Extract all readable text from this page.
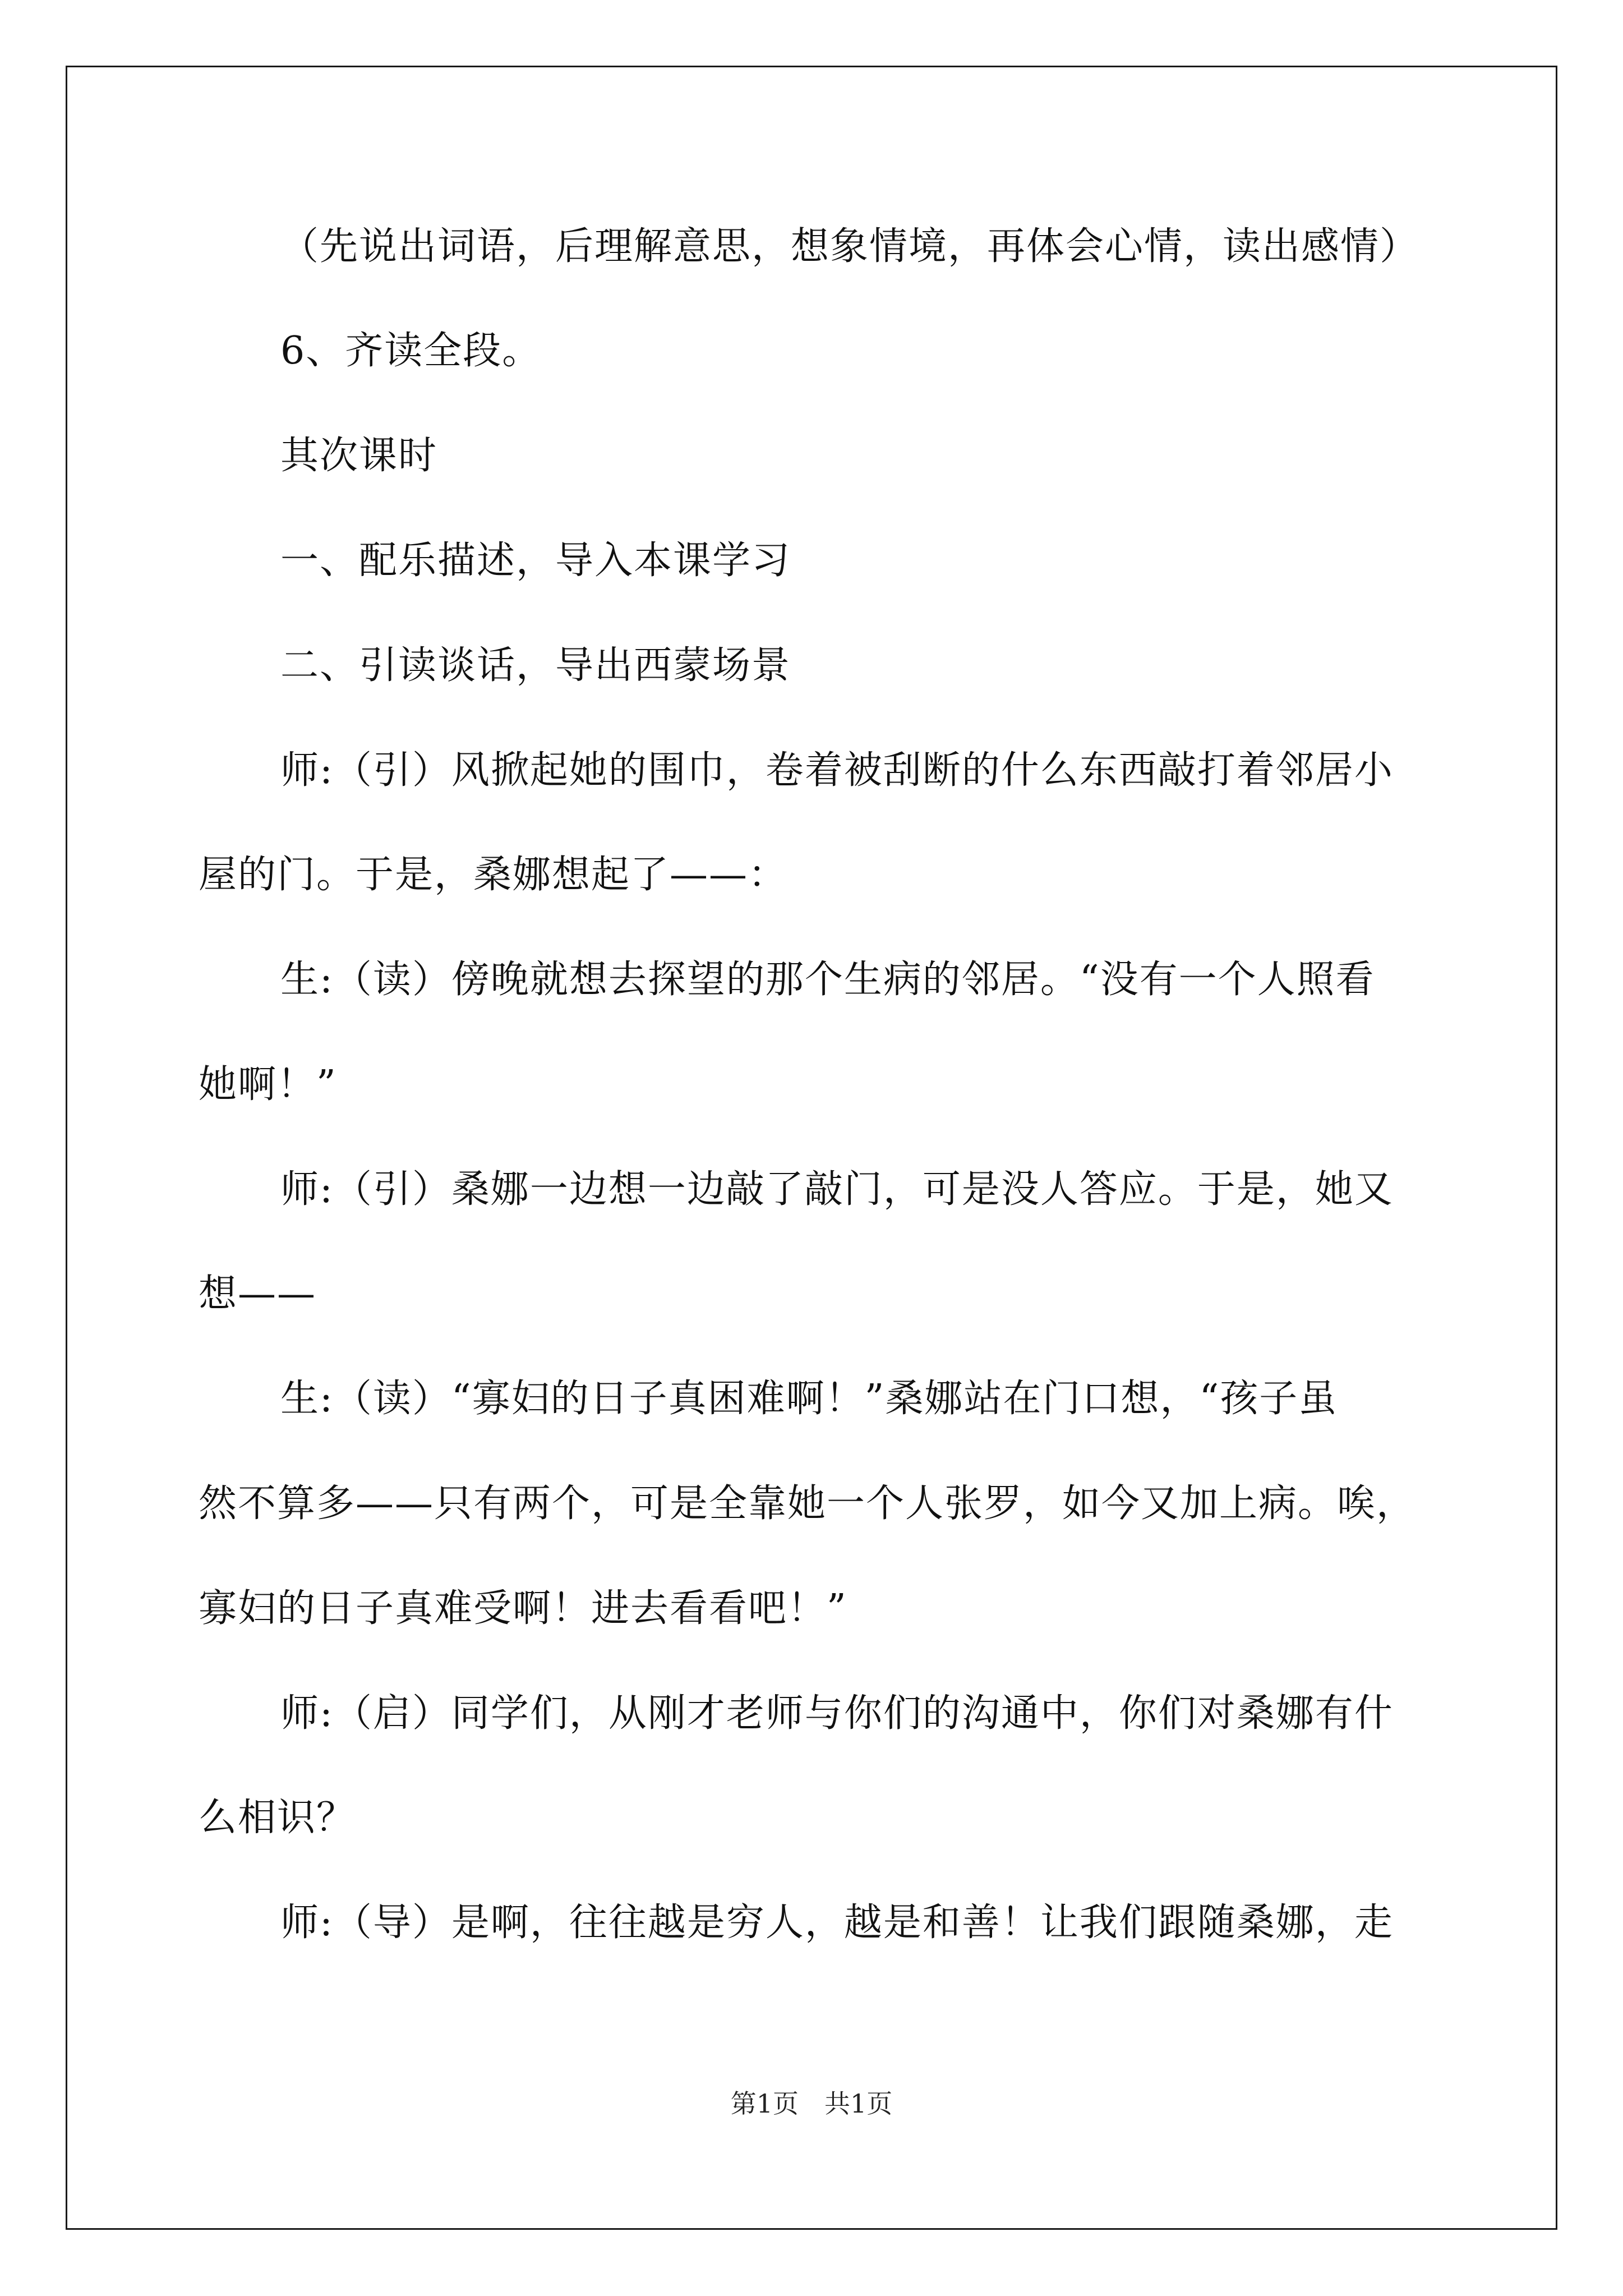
（先说出词语，后理解意思，想象情境，再体会心情，读出感情）
6、齐读全段。
其次课时
一、配乐描述，导入本课学习
二、引读谈话，导出西蒙场景
师:（引）风掀起她的围巾，卷着被刮断的什么东西敲打着邻居小
屋的门。于是，桑娜想起了——：
生:（读）傍晚就想去探望的那个生病的邻居。“没有一个人照看
她啊！”
师:（引）桑娜一边想一边敲了敲门，可是没人答应。于是，她又
想——
生:（读）“寡妇的日子真困难啊！”桑娜站在门口想，“孩子虽
然不算多——只有两个，可是全靠她一个人张罗，如今又加上病。唉，
寡妇的日子真难受啊！进去看看吧！”
师:（启）同学们，从刚才老师与你们的沟通中，你们对桑娜有什
么相识？
师:（导）是啊，往往越是穷人，越是和善！让我们跟随桑娜，走
第1页　共1页
